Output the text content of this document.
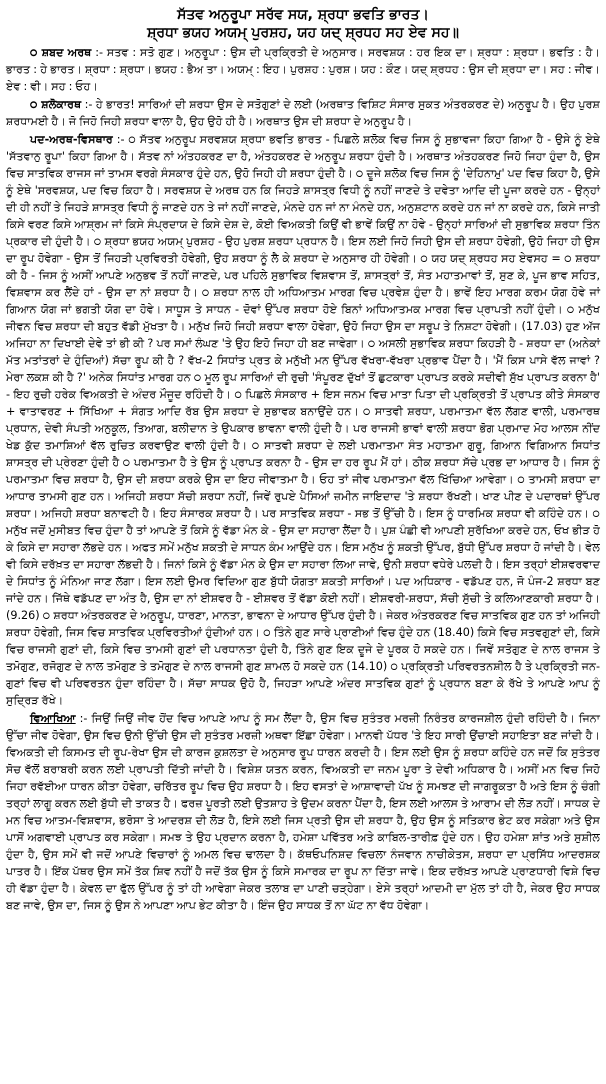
ਸੱਤਵ ਅਨੁਰੂਪਾ ਸਰੱਵ ਸਯ, ਸ਼੍ਰਧਾ ਭਵਤਿ ਭਾਰਤ।
ਸ਼੍ਰਧਾ ਭਯਹ ਅਯਮ੍ ਪੁਰਸ਼ਹ, ਯਹ ਯਦ੍ ਸ਼੍ਰਧਹ ਸਹ ਏਵ ਸਹ॥

੦ ਸ਼ਬਦ ਅਰਥ :- ਸਤਵ : ਸਤੋ ਗੁਣ। ਅਨੁਰੂਪਾ : ਉਸ ਦੀ ਪ੍ਰਕ੍ਰਿਤੀ ਦੇ ਅਨੁਸਾਰ। ਸਰਵਸ਼ਯ : ਹਰ ਇਕ ਦਾ। ਸ਼੍ਰਧਾ : ਸ਼੍ਰਧਾ। ਭਵਤਿ : ਹੈ। ਭਾਰਤ : ਹੇ ਭਾਰਤ। ਸ਼੍ਰਧਾ : ਸ਼੍ਰਧਾ। ਭਯਹ : ਭੈਅ ਤਾ। ਅਯਮ੍ : ਇਹ। ਪੁਰਸ਼ਹ : ਪੁਰਸ਼। ਯਹ : ਕੌਣ। ਯਦ੍ ਸ਼੍ਰਧਹ : ਉਸ ਦੀ ਸ਼੍ਰਧਾ ਦਾ। ਸਹ : ਜੀਵ। ਏਵ : ਵੀ। ਸਹ : ਓਹ।

੦ ਸ਼ਲੋਕਾਰਥ :- ਹੇ ਭਾਰਤ! ਸਾਰਿਆਂ ਦੀ ਸ਼ਰਧਾ ਉਸ ਦੇ ਸਤੋਗੁਣਾਂ ਦੇ ਲਈ (ਅਰਥਾਤ ਵਿਸ਼ਿਟ ਸੰਸਾਰ ਸੁਕਤ ਅੰਤਰਕਰਣ ਦੇ) ਅਨੁਰੂਪ ਹੈ। ਉਹ ਪੁਰਸ਼ ਸ਼ਰਧਾਮਈ ਹੈ। ਜੋ ਜਿਹੋ ਜਿਹੀ ਸ਼ਰਧਾ ਵਾਲਾ ਹੈ, ਉਹ ਉਹੋ ਹੀ ਹੈ। ਅਰਥਾਤ ਉਸ ਦੀ ਸ਼ਰਧਾ ਦੇ ਅਨੁਰੂਪ ਹੈ।

ਪਦ-ਅਰਥ-ਵਿਸਥਾਰ :- ੦ ਸੱਤਵ ਅਨੁਰੂਪ ਸਰਵਸ਼ਯ ਸ਼੍ਰਧਾ ਭਵਤਿ ਭਾਰਤ - ਪਿਛਲੇ ਸ਼ਲੋਕ ਵਿਚ ਜਿਸ ਨੂੰ ਸੁਭਾਵਜਾ ਕਿਹਾ ਗਿਆ ਹੈ - ਉਸੇ ਨੂੰ ਏਥੇ 'ਸੱਤਵਾਨੁ ਰੂਪਾ' ਕਿਹਾ ਗਿਆ ਹੈ। ਸੱਤਵ ਨਾਂ ਅੰਤਹਕਰਣ ਦਾ ਹੈ, ਅੰਤਹਕਰਣ ਦੇ ਅਨੁਰੂਪ ਸ਼ਰਧਾ ਹੁੰਦੀ ਹੈ। ਅਰਥਾਤ ਅੰਤਹਕਰਣ ਜਿਹੋ ਜਿਹਾ ਹੁੰਦਾ ਹੈ, ਉਸ ਵਿਚ ਸਾਤਵਿਕ ਰਾਜਸ ਜਾਂ ਤਾਮਸ ਵਰਗੇ ਸੰਸਕਾਰ ਹੁੰਦੇ ਹਨ, ਉਹੋ ਜਿਹੀ ਹੀ ਸ਼ਰਧਾ ਹੁੰਦੀ ਹੈ। ੦ ਦੂਜੇ ਸ਼ਲੋਕ ਵਿਚ ਜਿਸ ਨੂੰ 'ਦੇਹਿਨਾਮੁ' ਪਦ ਵਿਚ ਕਿਹਾ ਹੈ, ਉਸੇ ਨੂੰ ਏਥੇ 'ਸਰਵਸ਼ਯ, ਪਦ ਵਿਚ ਕਿਹਾ ਹੈ। ਸਰਵਸ਼ਯ ਦੇ ਅਰਥ ਹਨ ਕਿ ਜਿਹੜੇ ਸ਼ਾਸਤ੍ਰ ਵਿਧੀ ਨੂੰ ਨਹੀਂ ਜਾਣਦੇ ਤੇ ਦਵੇਤਾ ਆਦਿ ਦੀ ਪੂਜਾ ਕਰਦੇ ਹਨ - ਉਨ੍ਹਾਂ ਦੀ ਹੀ ਨਹੀਂ ਤੇ ਜਿਹੜੇ ਸ਼ਾਸਤ੍ਰ ਵਿਧੀ ਨੂੰ ਜਾਣਦੇ ਹਨ ਤੇ ਜਾਂ ਨਹੀਂ ਜਾਣਦੇ, ਮੰਨਦੇ ਹਨ ਜਾਂ ਨਾ ਮੰਨਦੇ ਹਨ, ਅਨੁਸ਼ਟਾਨ ਕਰਦੇ ਹਨ ਜਾਂ ਨਾ ਕਰਦੇ ਹਨ, ਕਿਸੇ ਜਾਤੀ ਕਿਸੇ ਵਰਣ ਕਿਸੇ ਆਸ਼੍ਰਮ ਜਾਂ ਕਿਸੇ ਸੰਪ੍ਰਦਾਯ ਦੇ ਕਿਸੇ ਦੇਸ਼ ਦੇ, ਕੋਈ ਵਿਅਕਤੀ ਕਿਉਂ ਵੀ ਭਾਵੇਂ ਕਿਉਂ ਨਾ ਹੋਵੇ - ਉਨ੍ਹਾਂ ਸਾਰਿਆਂ ਦੀ ਸੁਭਾਵਿਕ ਸ਼ਰਧਾ ਤਿੰਨ ਪ੍ਰਕਾਰ ਦੀ ਹੁੰਦੀ ਹੈ। ੦ ਸ਼੍ਰਧਾ ਭਯਹ ਅਯਮ੍ ਪੁਰਸ਼ਹ - ਉਹ ਪੁਰਸ਼ ਸ਼ਰਧਾ ਪ੍ਰਧਾਨ ਹੈ। ਇਸ ਲਈ ਜਿਹੋ ਜਿਹੀ ਉਸ ਦੀ ਸ਼ਰਧਾ ਹੋਵੇਗੀ, ਉਹੋ ਜਿਹਾ ਹੀ ਉਸ ਦਾ ਰੂਪ ਹੋਵੇਗਾ - ਉਸ ਤੋਂ ਜਿਹੜੀ ਪ੍ਰਵਿਰਤੀ ਹੋਵੇਗੀ, ਉਹ ਸ਼ਰਧਾ ਨੂੰ ਲੈ ਕੇ ਸ਼ਰਧਾ ਦੇ ਅਨੁਸਾਰ ਹੀ ਹੋਵੇਗੀ। ੦ ਯਹ ਯਦ੍ ਸ਼੍ਰਧਹ ਸਹ ਏਵਸਹ = ੦ ਸ਼ਰਧਾ ਕੀ ਹੈ - ਜਿਸ ਨੂੰ ਅਸੀਂ ਆਪਣੇ ਅਨੁਭਵ ਤੋਂ ਨਹੀਂ ਜਾਣਦੇ, ਪਰ ਪਹਿਲੇ ਸੁਭਾਵਿਕ ਵਿਸ਼ਵਾਸ ਤੋਂ, ਸ਼ਾਸਤ੍ਰਾਂ ਤੋਂ, ਸੰਤ ਮਹਾਤਮਾਵਾਂ ਤੋਂ, ਸੁਣ ਕੇ, ਪੂਜ ਭਾਵ ਸਹਿਤ, ਵਿਸ਼ਵਾਸ ਕਰ ਲੈਂਦੇ ਹਾਂ - ਉਸ ਦਾ ਨਾਂ ਸ਼ਰਧਾ ਹੈ। ੦ ਸ਼ਰਧਾ ਨਾਲ ਹੀ ਅਧਿਆਤਮ ਮਾਰਗ ਵਿਚ ਪ੍ਰਵੇਸ਼ ਹੁੰਦਾ ਹੈ। ਭਾਵੇਂ ਇਹ ਮਾਰਗ ਕਰਮ ਯੋਗ ਹੋਵੇ ਜਾਂ ਗਿਆਨ ਯੋਗ ਜਾਂ ਭਗਤੀ ਯੋਗ ਦਾ ਹੋਵੇ। ਸਾਧੂਸ ਤੇ ਸਾਧਨ - ਦੋਵਾਂ ਉੱਪਰ ਸ਼ਰਧਾ ਹੋਏ ਬਿਨਾਂ ਅਧਿਆਤਮਕ ਮਾਰਗ ਵਿਚ ਪ੍ਰਾਪਤੀ ਨਹੀਂ ਹੁੰਦੀ। ੦ ਮਨੁੱਖ ਜੀਵਨ ਵਿਚ ਸ਼ਰਧਾ ਦੀ ਬਹੁਤ ਵੱਡੀ ਮੁੱਖਤਾ ਹੈ। ਮਨੁੱਖ ਜਿਹੋ ਜਿਹੀ ਸ਼ਰਧਾ ਵਾਲਾ ਹੋਵੇਗਾ, ਉਹੋ ਜਿਹਾ ਉਸ ਦਾ ਸਰੂਪ ਤੇ ਨਿਸ਼ਟਾ ਹੋਵੇਗੀ। (17.03) ਹੁਣ ਅੱਜ ਅਜਿਹਾ ਨਾ ਦਿਖਾਈ ਦੇਵੇ ਤਾਂ ਭੀ ਕੀ ? ਪਰ ਸਮਾਂ ਲੰਘਣ 'ਤੇ ਉਹ ਇਹੋ ਜਿਹਾ ਹੀ ਬਣ ਜਾਵੇਗਾ। ੦ ਅਸਲੀ ਸੁਭਾਵਿਕ ਸ਼ਰਧਾ ਕਿਹੜੀ ਹੈ - ਸ਼ਰਧਾ ਦਾ (ਅਨੇਕਾਂ ਮੱਤ ਮਤਾਂਤਰਾਂ ਦੇ ਹੁੰਦਿਆਂ) ਸੱਚਾ ਰੂਪ ਕੀ ਹੈ ? ਵੱਖ-2 ਸਿਧਾਂਤ ਪ੍ਰਤ ਕੇ ਮਨੁੱਖੀ ਮਨ ਉੱਪਰ ਵੱਖਰਾ-ਵੱਖਰਾ ਪ੍ਰਭਾਵ ਪੈਂਦਾ ਹੈ। 'ਮੈਂ ਕਿਸ ਪਾਸੇ ਵੱਲ ਜਾਵਾਂ ? ਮੇਰਾ ਲਕਸ਼ ਕੀ ਹੈ ?' ਅਨੇਕ ਸਿਧਾਂਤ ਮਾਰਗ ਹਨ ੦ ਮੂਲ ਰੂਪ ਸਾਰਿਆਂ ਦੀ ਰੁਚੀ 'ਸੰਪੂਰਣ ਦੁੱਖਾਂ ਤੋਂ ਛੁਟਕਾਰਾ ਪ੍ਰਾਪਤ ਕਰਕੇ ਸਦੀਵੀ ਸੁੱਖ ਪ੍ਰਾਪਤ ਕਰਨਾ ਹੈ' - ਇਹ ਰੁਚੀ ਹਰੇਕ ਵਿਅਕਤੀ ਦੇ ਅੰਦਰ ਮੌਜੂਦ ਰਹਿੰਦੀ ਹੈ। ੦ ਪਿਛਲੇ ਸੰਸਕਾਰ + ਇਸ ਜਨਮ ਵਿਚ ਮਾਤਾ ਪਿਤਾ ਦੀ ਪ੍ਰਕ੍ਰਿਤੀ ਤੋਂ ਪ੍ਰਾਪਤ ਕੀਤੇ ਸੰਸਕਾਰ + ਵਾਤਾਵਰਣ + ਸਿੱਖਿਆ + ਸੰਗਤ ਆਦਿ ਰੱਬ ਉਸ ਸ਼ਰਧਾ ਦੇ ਸੁਭਾਵਕ ਬਨਾਉਂਦੇ ਹਨ। ੦ ਸਾਤਵੀ ਸ਼ਰਧਾ, ਪਰਮਾਤਮਾ ਵੱਲ ਲੱਗਣ ਵਾਲੀ, ਪਰਮਾਰਥ ਪ੍ਰਧਾਨ, ਦੇਵੀ ਸੰਪਤੀ ਅਨੁਕੂਲ, ਤਿਆਗ, ਬਲੀਦਾਨ ਤੇ ਉਪਕਾਰ ਭਾਵਨਾ ਵਾਲੀ ਹੁੰਦੀ ਹੈ। ਪਰ ਰਾਜਸੀ ਭਾਵਾਂ ਵਾਲੀ ਸ਼ਰਧਾ ਭੋਗ ਪ੍ਰਮਾਦ ਮੋਹ ਆਲਸ ਨੀਂਦ ਖੇਡ ਕੁੱਦ ਤਮਾਸ਼ਿਆਂ ਵੱਲ ਰੁਚਿਤ ਕਰਵਾਉਣ ਵਾਲੀ ਹੁੰਦੀ ਹੈ। ੦ ਸਾਤਵੀ ਸ਼ਰਧਾ ਦੇ ਲਈ ਪਰਮਾਤਮਾ ਸੰਤ ਮਹਾਤਮਾ ਗੁਰੂ, ਗਿਆਨ ਵਿਗਿਆਨ ਸਿਧਾਂਤ ਸ਼ਾਸਤ੍ਰ ਦੀ ਪ੍ਰੇਰਣਾ ਹੁੰਦੀ ਹੈ ੦ ਪਰਮਾਤਮਾ ਹੈ ਤੇ ਉਸ ਨੂੰ ਪ੍ਰਾਪਤ ਕਰਨਾ ਹੈ - ਉਸ ਦਾ ਹਰ ਰੂਪ ਮੈਂ ਹਾਂ। ਠੀਕ ਸ਼ਰਧਾ ਸੱਚੇ ਪ੍ਰਭ ਦਾ ਆਧਾਰ ਹੈ। ਜਿਸ ਨੂੰ ਪਰਮਾਤਮਾ ਵਿਚ ਸ਼ਰਧਾ ਹੈ, ਉਸ ਦੀ ਸ਼ਰਧਾ ਕਰਕੇ ਉਸ ਦਾ ਇਹ ਜੀਵਾਤਮਾ ਹੈ। ਓਹ ਤਾਂ ਜੀਵ ਪਰਮਾਤਮਾ ਵੱਲ ਖਿੱਚਿਆ ਆਵੇਗਾ। ੦ ਤਾਮਸੀ ਸ਼ਰਧਾ ਦਾ ਆਧਾਰ ਤਾਮਸੀ ਗੁਣ ਹਨ। ਅਜਿਹੀ ਸ਼ਰਧਾ ਸੱਚੀ ਸ਼ਰਧਾ ਨਹੀਂ, ਜਿਵੇਂ ਰੁਪਏ ਪੈਸਿਆਂ ਜ਼ਮੀਨ ਜਾਇਦਾਦ 'ਤੇ ਸ਼ਰਧਾ ਰੱਖਣੀ। ਖਾਣ ਪੀਣ ਦੇ ਪਦਾਰਥਾਂ ਉੱਪਰ ਸ਼ਰਧਾ। ਅਜਿਹੀ ਸ਼ਰਧਾ ਬਨਾਵਟੀ ਹੈ। ਇਹ ਸੰਸਾਰਕ ਸ਼ਰਧਾ ਹੈ। ਪਰ ਸਾਤਵਿਕ ਸ਼ਰਧਾ - ਸਭ ਤੋਂ ਉੱਚੀ ਹੈ। ਇਸ ਨੂੰ ਧਾਰਮਿਕ ਸ਼ਰਧਾ ਵੀ ਕਹਿੰਦੇ ਹਨ। ੦ ਮਨੁੱਖ ਜਦੋਂ ਮੁਸੀਬਤ ਵਿਚ ਹੁੰਦਾ ਹੈ ਤਾਂ ਆਪਣੇ ਤੋਂ ਕਿਸੇ ਨੂੰ ਵੱਡਾ ਮੰਨ ਕੇ - ਉਸ ਦਾ ਸਹਾਰਾ ਲੈਂਦਾ ਹੈ। ਪੁਸ਼ ਪੰਛੀ ਵੀ ਆਪਣੀ ਸੁਰੱਖਿਆ ਕਰਦੇ ਹਨ, ਓਖ ਭੀੜ ਹੋ ਕੇ ਕਿਸੇ ਦਾ ਸਹਾਰਾ ਲੱਭਦੇ ਹਨ। ਅਫਤ ਸਮੇਂ ਮਨੁੱਖ ਸ਼ਕਤੀ ਦੇ ਸਾਧਨ ਕੰਮ ਆਉਂਦੇ ਹਨ। ਇਸ ਮਨੁੱਖ ਨੂੰ ਸ਼ਕਤੀ ਉੱਪਰ, ਬੁੱਧੀ ਉੱਪਰ ਸ਼ਰਧਾ ਹੋ ਜਾਂਦੀ ਹੈ। ਵੇਲ ਵੀ ਕਿਸੇ ਦਰੱਖ਼ਤ ਦਾ ਸਹਾਰਾ ਲੱਭਦੀ ਹੈ। ਜਿਨਾਂ ਕਿਸੇ ਨੂੰ ਵੱਡਾ ਮੰਨ ਕੇ ਉਸ ਦਾ ਸਹਾਰਾ ਲਿਆ ਜਾਵੇ, ਉਨੀ ਸ਼ਰਧਾ ਵਧੇਰੇ ਪਲਦੀ ਹੈ। ਇਸ ਤਰ੍ਹਾਂ ਈਸ਼ਵਰਵਾਦ ਦੇ ਸਿਧਾਂਤ ਨੂੰ ਮੰਨਿਆ ਜਾਣ ਲੱਗਾ। ਇਸ ਲਈ ਉਮਰ ਵਿਦਿਆ ਗੁਣ ਬੁੱਧੀ ਯੋਗਤਾ ਸ਼ਕਤੀ ਸਾਰਿਆਂ। ਪਦ ਅਧਿਕਾਰ - ਵਡੱਪਣ ਹਨ, ਜੋ ਪੰਜ-2 ਸ਼ਰਧਾ ਬਣ ਜਾਂਦੇ ਹਨ। ਜਿੱਥੇ ਵਡੱਪਣ ਦਾ ਅੰਤ ਹੈ, ਉਸ ਦਾ ਨਾਂ ਈਸ਼ਵਰ ਹੈ - ਈਸ਼ਵਰ ਤੋਂ ਵੱਡਾ ਕੋਈ ਨਹੀਂ। ਈਸ਼ਵਰੀ-ਸ਼ਰਧਾ, ਸੱਚੀ ਸੁੱਚੀ ਤੇ ਕਲਿਆਣਕਾਰੀ ਸ਼ਰਧਾ ਹੈ। (9.26) ੦ ਸ਼ਰਧਾ ਅੰਤਰਕਰਣ ਦੇ ਅਨੁਰੂਪ, ਧਾਰਣਾ, ਮਾਨਤਾ, ਭਾਵਨਾ ਦੇ ਆਧਾਰ ਉੱਪਰ ਹੁੰਦੀ ਹੈ। ਜੇਕਰ ਅੰਤਰਕਰਣ ਵਿਚ ਸਾਤਵਿਕ ਗੁਣ ਹਨ ਤਾਂ ਅਜਿਹੀ ਸ਼ਰਧਾ ਹੋਵੇਗੀ, ਜਿਸ ਵਿਚ ਸਾਤਵਿਕ ਪ੍ਰਵਿਰਤੀਆਂ ਹੁੰਦੀਆਂ ਹਨ। ੦ ਤਿੰਨੇ ਗੁਣ ਸਾਰੇ ਪ੍ਰਾਣੀਆਂ ਵਿਚ ਹੁੰਦੇ ਹਨ (18.40) ਕਿਸੇ ਵਿਚ ਸਤਵਗੁਣਾਂ ਦੀ, ਕਿਸੇ ਵਿਚ ਰਾਜਸੀ ਗੁਣਾਂ ਦੀ, ਕਿਸੇ ਵਿਚ ਤਾਮਸੀ ਗੁਣਾਂ ਦੀ ਪਰਧਾਨਤਾ ਹੁੰਦੀ ਹੈ, ਤਿੰਨੇ ਗੁਣ ਇਕ ਦੂਜੇ ਦੇ ਪੂਰਕ ਹੋ ਸਕਦੇ ਹਨ। ਜਿਵੇਂ ਸਤੋਗੁਣ ਦੇ ਨਾਲ ਰਾਜਸ ਤੇ ਤਮੋਗੁਣ, ਰਜੋਗੁਣ ਦੇ ਨਾਲ ਤਮੋਗੁਣ ਤੇ ਤਮੋਗੁਣ ਦੇ ਨਾਲ ਰਾਜਸੀ ਗੁਣ ਸ਼ਾਮਲ ਹੋ ਸਕਦੇ ਹਨ (14.10) ੦ ਪ੍ਰਕ੍ਰਿਤੀ ਪਰਿਵਰਤਨਸ਼ੀਲ ਹੈ ਤੇ ਪ੍ਰਕ੍ਰਿਤੀ ਜਨ-ਗੁਣਾਂ ਵਿਚ ਵੀ ਪਰਿਵਰਤਨ ਹੁੰਦਾ ਰਹਿੰਦਾ ਹੈ। ਸੱਚਾ ਸਾਧਕ ਉਹੋ ਹੈ, ਜਿਹੜਾ ਆਪਣੇ ਅੰਦਰ ਸਾਤਵਿਕ ਗੁਣਾਂ ਨੂੰ ਪ੍ਰਧਾਨ ਬਣਾ ਕੇ ਰੱਖੇ ਤੇ ਆਪਣੇ ਆਪ ਨੂੰ ਸੁਦ੍ਰਿੜ ਰੱਖੇ।

ਵਿਆਖਿਆ :- ਜਿਉਂ ਜਿਉਂ ਜੀਵ ਹੋਂਦ ਵਿਚ ਆਪਣੇ ਆਪ ਨੂੰ ਸਮ ਲੈਂਦਾ ਹੈ, ਉਸ ਵਿਚ ਸੁਤੰਤਰ ਮਰਜ਼ੀ ਨਿਰੰਤਰ ਕਾਰਜਸ਼ੀਲ ਹੁੰਦੀ ਰਹਿੰਦੀ ਹੈ। ਜਿਨਾ ਉੱਚਾ ਜੀਵ ਹੋਵੇਗਾ, ਉਸ ਵਿਚ ਉਨੀ ਉੱਚੀ ਉਸ ਦੀ ਸੁਤੰਤਰ ਮਰਜ਼ੀ ਅਥਵਾ ਇੱਛਾ ਹੋਵੇਗਾ। ਮਾਨਵੀ ਪੱਧਰ 'ਤੇ ਇਹ ਸਾਰੀ ਉਂਚਾਈ ਸਹਾਇਤਾ ਬਣ ਜਾਂਦੀ ਹੈ। ਵਿਅਕਤੀ ਦੀ ਕਿਸਮਤ ਦੀ ਰੂਪ-ਰੇਖਾ ਉਸ ਦੀ ਕਾਰਜ ਕੁਸ਼ਲਤਾ ਦੇ ਅਨੁਸਾਰ ਰੂਪ ਧਾਰਨ ਕਰਦੀ ਹੈ। ਇਸ ਲਈ ਉਸ ਨੂੰ ਸ਼ਰਧਾ ਕਹਿੰਦੇ ਹਨ ਜਦੋਂ ਕਿ ਸੁਤੰਤਰ ਸੋਚ ਵੱਲੋਂ ਬਰਾਬਰੀ ਕਰਨ ਲਈ ਪ੍ਰਾਪਤੀ ਦਿੱਤੀ ਜਾਂਦੀ ਹੈ। ਵਿਸ਼ੇਸ਼ ਯਤਨ ਕਰਨ, ਵਿਅਕਤੀ ਦਾ ਜਨਮ ਪੂਰਾ ਤੇ ਦੇਵੀ ਅਧਿਕਾਰ ਹੈ। ਅਸੀਂ ਮਨ ਵਿਚ ਜਿਹੋ ਜਿਹਾ ਰਵੱਈਆ ਧਾਰਨ ਕੀਤਾ ਹੋਵੇਗਾ, ਚਰਿੱਤਰ ਰੂਪ ਵਿਚ ਉਹ ਸ਼ਰਧਾ ਹੈ। ਇਹ ਵਸਤਾਂ ਦੇ ਆਸ਼ਾਵਾਦੀ ਪੱਖ ਨੂੰ ਸਮਝਣ ਦੀ ਜਾਗਰੂਕਤਾ ਹੈ ਅਤੇ ਇਸ ਨੂੰ ਚੰਗੀ ਤਰ੍ਹਾਂ ਲਾਗੂ ਕਰਨ ਲਈ ਬੁੱਧੀ ਦੀ ਤਾਕਤ ਹੈ। ਫਰਜ਼ ਪੂਰਤੀ ਲਈ ਉਤਸ਼ਾਹ ਤੇ ਉਦਮ ਕਰਨਾ ਪੈਂਦਾ ਹੈ, ਇਸ ਲਈ ਆਲਸ ਤੇ ਆਰਾਮ ਦੀ ਲੋੜ ਨਹੀਂ। ਸਾਧਕ ਦੇ ਮਨ ਵਿਚ ਆਤਮ-ਵਿਸ਼ਵਾਸ, ਭਰੋਸਾ ਤੇ ਆਦਰਸ਼ ਦੀ ਲੋੜ ਹੈ, ਇਸੇ ਲਈ ਜਿਸ ਪ੍ਰਤੀ ਉਸ ਦੀ ਸ਼ਰਧਾ ਹੈ, ਉਹ ਉਸ ਨੂੰ ਸਤਿਕਾਰ ਭੇਟ ਕਰ ਸਕੇਗਾ ਅਤੇ ਉਸ ਪਾਸੋਂ ਅਗਵਾਈ ਪ੍ਰਾਪਤ ਕਰ ਸਕੇਗਾ। ਸਮਝ ਤੇ ਉਹ ਪ੍ਰਦਾਨ ਕਰਨਾ ਹੈ, ਹਮੇਸ਼ਾ ਪਵਿੱਤਰ ਅਤੇ ਕਾਬਿਲ-ਤਾਰੀਫ਼ ਹੁੰਦੇ ਹਨ। ਉਹ ਹਮੇਸ਼ਾ ਸ਼ਾਂਤ ਅਤੇ ਸੁਸ਼ੀਲ ਹੁੰਦਾ ਹੈ, ਉਸ ਸਮੇਂ ਵੀ ਜਦੋਂ ਆਪਣੇ ਵਿਚਾਰਾਂ ਨੂੰ ਅਮਲ ਵਿਚ ਢਾਲਦਾ ਹੈ। ਕੱਥਓਪਨਿਸ਼ਦ ਵਿਚਲਾ ਨੰਜਵਾਨ ਨਾਚੀਕੇਤਸ, ਸ਼ਰਧਾ ਦਾ ਪ੍ਰਸਿੱਧ ਆਦਰਸ਼ਕ ਪਾਤਰ ਹੈ। ਇੱਕ ਪੱਥਰ ਉਸ ਸਮੇਂ ਤੱਕ ਸ਼ਿਵ ਨਹੀਂ ਹੈ ਜਦੋਂ ਤੱਕ ਉਸ ਨੂੰ ਕਿਸੇ ਸਮਾਰਕ ਦਾ ਰੂਪ ਨਾ ਦਿੱਤਾ ਜਾਵੇ। ਇਕ ਦਰੱਖ਼ਤ ਆਪਣੇ ਪ੍ਰਾਣਧਾਰੀ ਵਿਸ਼ੇ ਵਿਚ ਹੀ ਵੱਡਾ ਹੁੰਦਾ ਹੈ। ਕੇਵਲ ਦਾ ਫੁੱਲ ਉੱਪਰ ਨੂੰ ਤਾਂ ਹੀ ਆਵੇਗਾ ਜੇਕਰ ਤਲਾਬ ਦਾ ਪਾਣੀ ਚੜ੍ਹੇਗਾ। ਏਸੇ ਤਰ੍ਹਾਂ ਆਦਮੀ ਦਾ ਮੁੱਲ ਤਾਂ ਹੀ ਹੈ, ਜੇਕਰ ਉਹ ਸਾਧਕ ਬਣ ਜਾਵੇ, ਉਸ ਦਾ, ਜਿਸ ਨੂੰ ਉਸ ਨੇ ਆਪਣਾ ਆਪ ਭੇਟ ਕੀਤਾ ਹੈ। ਇੰਜ ਉਹ ਸਾਧਕ ਤੋਂ ਨਾ ਘੱਟ ਨਾ ਵੱਧ ਹੋਵੇਗਾ।
